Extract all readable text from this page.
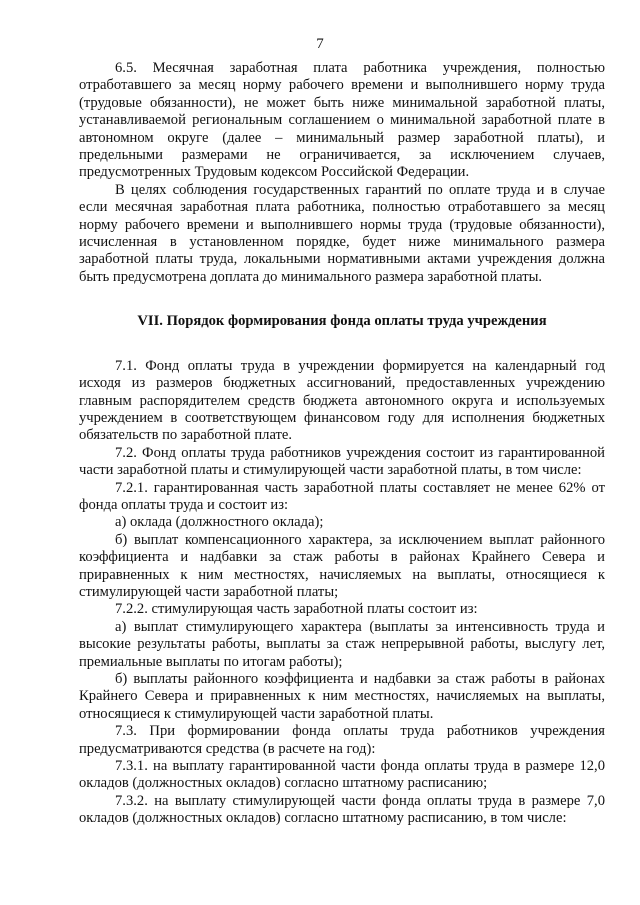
7

6.5. Месячная заработная плата работника учреждения, полностью отработавшего за месяц норму рабочего времени и выполнившего норму труда (трудовые обязанности), не может быть ниже минимальной заработной платы, устанавливаемой региональным соглашением о минимальной заработной плате в автономном округе (далее – минимальный размер заработной платы), и предельными размерами не ограничивается, за исключением случаев, предусмотренных Трудовым кодексом Российской Федерации.

В целях соблюдения государственных гарантий по оплате труда и в случае если месячная заработная плата работника, полностью отработавшего за месяц норму рабочего времени и выполнившего нормы труда (трудовые обязанности), исчисленная в установленном порядке, будет ниже минимального размера заработной платы труда, локальными нормативными актами учреждения должна быть предусмотрена доплата до минимального размера заработной платы.

VII. Порядок формирования фонда оплаты труда учреждения

7.1. Фонд оплаты труда в учреждении формируется на календарный год исходя из размеров бюджетных ассигнований, предоставленных учреждению главным распорядителем средств бюджета автономного округа и используемых учреждением в соответствующем финансовом году для исполнения бюджетных обязательств по заработной плате.

7.2. Фонд оплаты труда работников учреждения состоит из гарантированной части заработной платы и стимулирующей части заработной платы, в том числе:

7.2.1. гарантированная часть заработной платы составляет не менее 62% от фонда оплаты труда и состоит из:

а) оклада (должностного оклада);

б) выплат компенсационного характера, за исключением выплат районного коэффициента и надбавки за стаж работы в районах Крайнего Севера и приравненных к ним местностях, начисляемых на выплаты, относящиеся к стимулирующей части заработной платы;

7.2.2. стимулирующая часть заработной платы состоит из:

а) выплат стимулирующего характера (выплаты за интенсивность труда и высокие результаты работы, выплаты за стаж непрерывной работы, выслугу лет, премиальные выплаты по итогам работы);

б) выплаты районного коэффициента и надбавки за стаж работы в районах Крайнего Севера и приравненных к ним местностях, начисляемых на выплаты, относящиеся к стимулирующей части заработной платы.

7.3. При формировании фонда оплаты труда работников учреждения предусматриваются средства (в расчете на год):

7.3.1. на выплату гарантированной части фонда оплаты труда в размере 12,0 окладов (должностных окладов) согласно штатному расписанию;

7.3.2. на выплату стимулирующей части фонда оплаты труда в размере 7,0 окладов (должностных окладов) согласно штатному расписанию, в том числе:
